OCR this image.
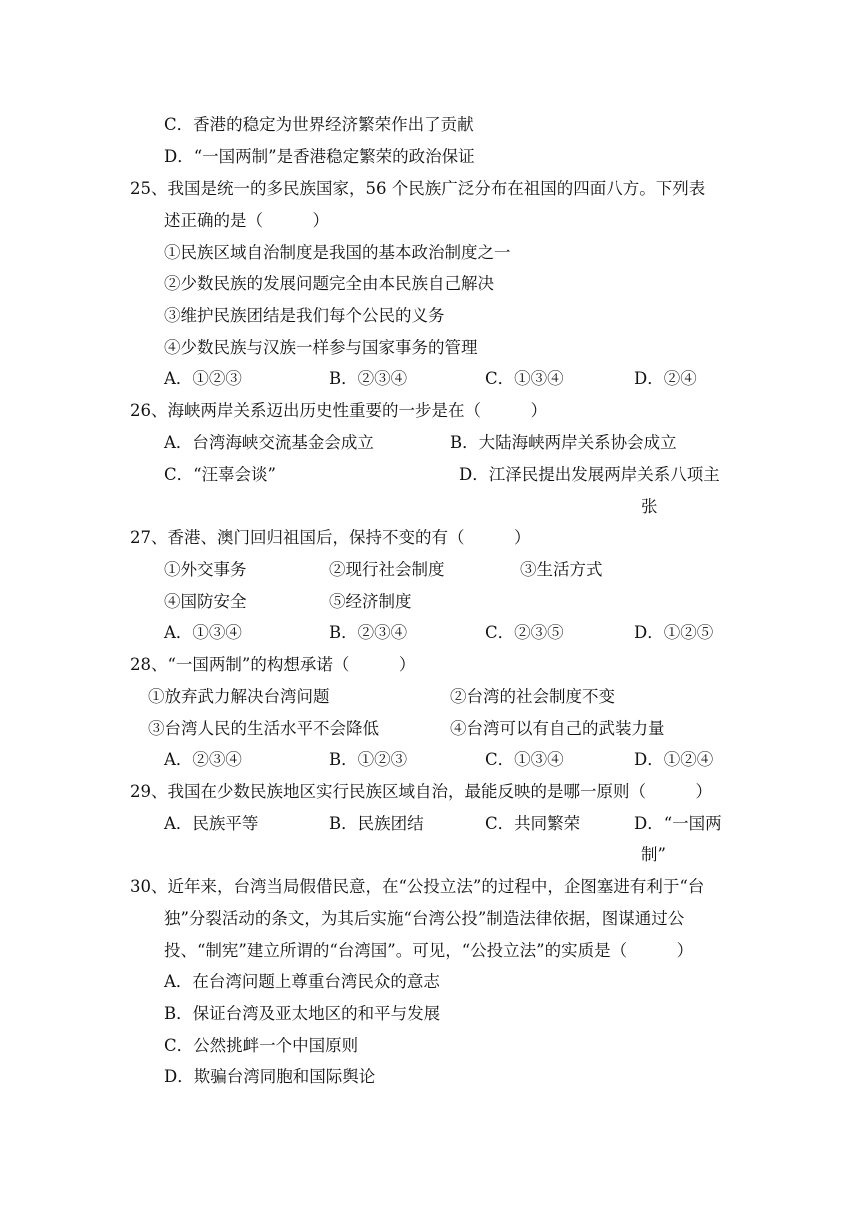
C．香港的稳定为世界经济繁荣作出了贡献
D．“一国两制”是香港稳定繁荣的政治保证
25、我国是统一的多民族国家，56 个民族广泛分布在祖国的四面八方。下列表
述正确的是（　　　）
①民族区域自治制度是我国的基本政治制度之一
②少数民族的发展问题完全由本民族自己解决
③维护民族团结是我们每个公民的义务
④少数民族与汉族一样参与国家事务的管理
A．①②③	B．②③④	C．①③④	D．②④
26、海峡两岸关系迈出历史性重要的一步是在（　　　）
A．台湾海峡交流基金会成立	B．大陆海峡两岸关系协会成立
C．“汪辜会谈”	D．江泽民提出发展两岸关系八项主
张
27、香港、澳门回归祖国后，保持不变的有（　　　）
①外交事务	②现行社会制度	③生活方式
④国防安全	⑤经济制度
A．①③④	B．②③④	C．②③⑤	D．①②⑤
28、“一国两制”的构想承诺（　　　）
①放弃武力解决台湾问题	②台湾的社会制度不变
③台湾人民的生活水平不会降低	④台湾可以有自己的武装力量
A．②③④	B．①②③	C．①③④	D．①②④
29、我国在少数民族地区实行民族区域自治，最能反映的是哪一原则（　　　）
A．民族平等	B．民族团结	C．共同繁荣	D．“一国两
制”
30、近年来，台湾当局假借民意，在“公投立法”的过程中，企图塞进有利于“台
独”分裂活动的条文，为其后实施“台湾公投”制造法律依据，图谋通过公
投、“制宪”建立所谓的“台湾国”。可见，“公投立法”的实质是（　　　）
A．在台湾问题上尊重台湾民众的意志
B．保证台湾及亚太地区的和平与发展
C．公然挑衅一个中国原则
D．欺骗台湾同胞和国际舆论
